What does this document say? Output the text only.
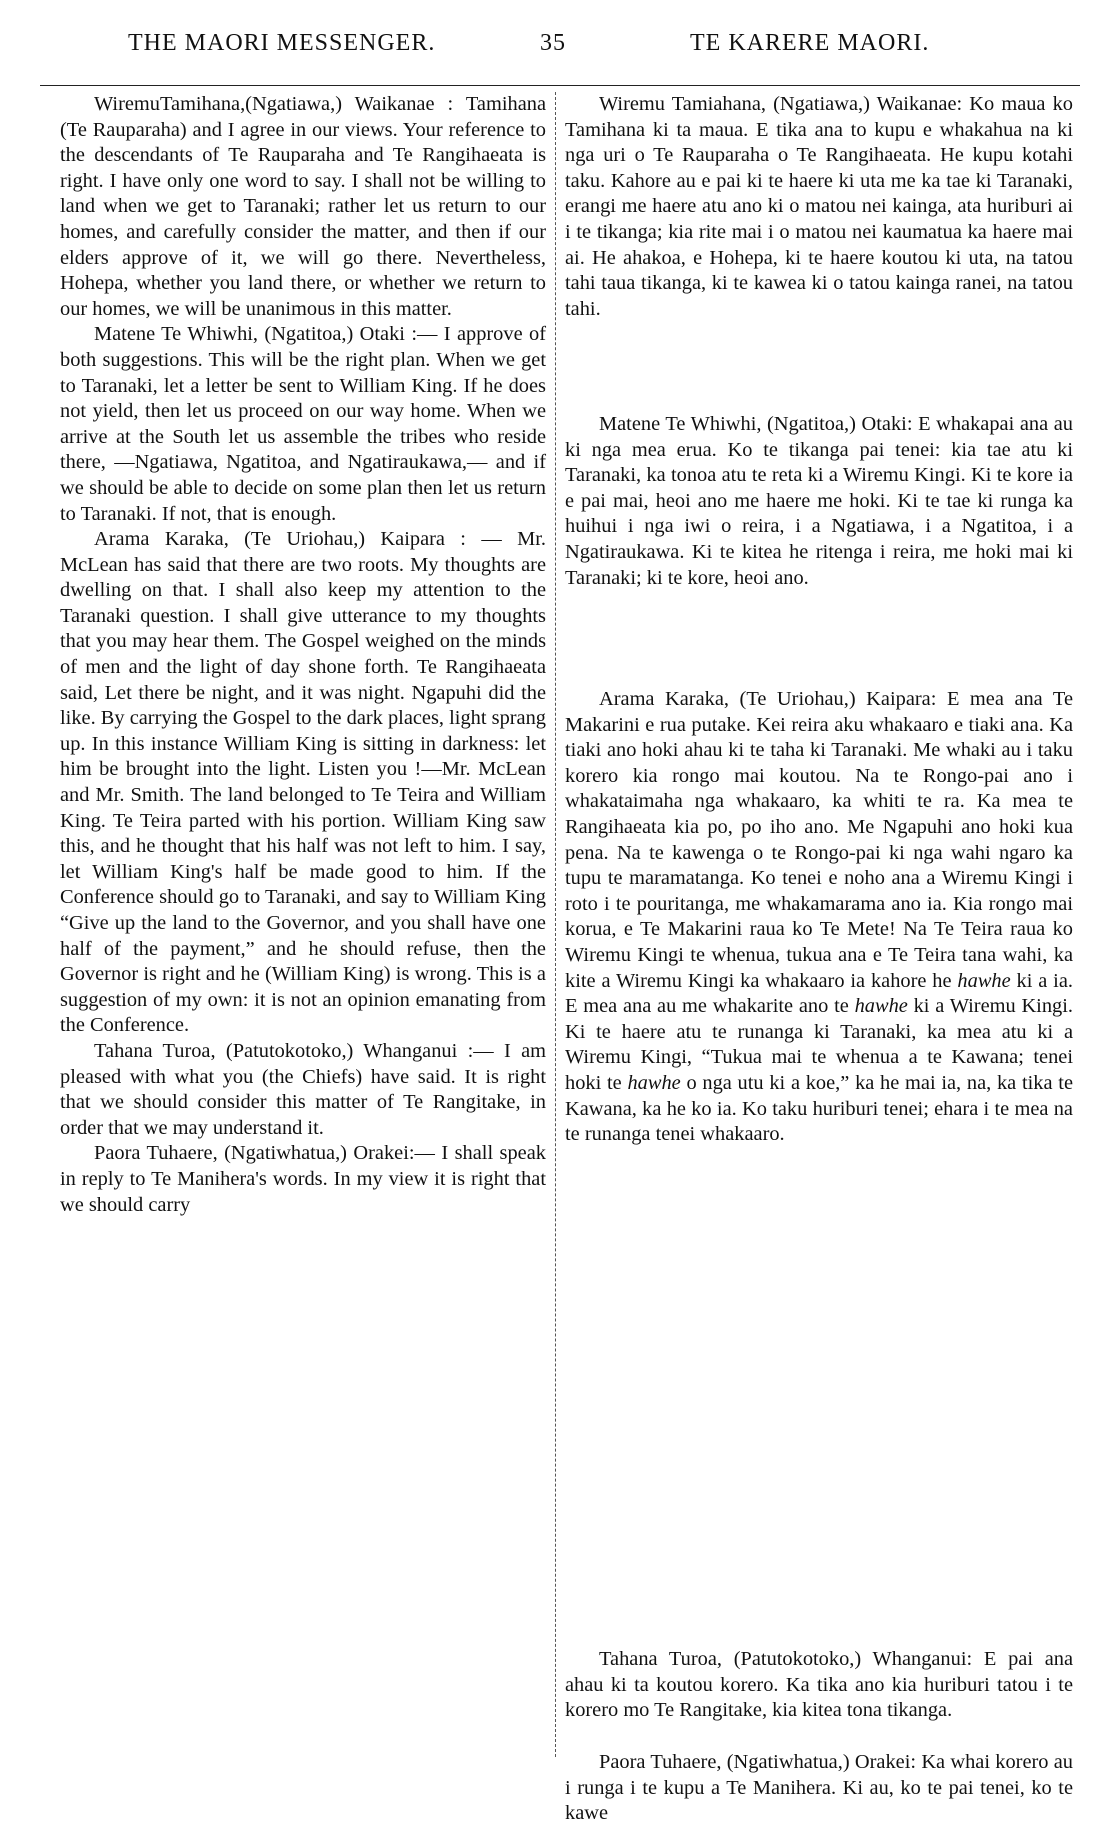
THE MAORI MESSENGER.	35	TE KARERE MAORI.

WiremuTamihana,(Ngatiawa,) Waikanae : Tamihana (Te Rauparaha) and I agree in our views. Your reference to the descendants of Te Rauparaha and Te Rangihaeata is right. I have only one word to say. I shall not be willing to land when we get to Taranaki; rather let us return to our homes, and carefully consider the matter, and then if our elders approve of it, we will go there. Nevertheless, Hohepa, whether you land there, or whether we return to our homes, we will be unanimous in this matter.

Matene Te Whiwhi, (Ngatitoa,) Otaki :— I approve of both suggestions. This will be the right plan. When we get to Taranaki, let a letter be sent to William King. If he does not yield, then let us proceed on our way home. When we arrive at the South let us assemble the tribes who reside there, —Ngatiawa, Ngatitoa, and Ngatiraukawa,— and if we should be able to decide on some plan then let us return to Taranaki. If not, that is enough.

Arama Karaka, (Te Uriohau,) Kaipara : — Mr. McLean has said that there are two roots. My thoughts are dwelling on that. I shall also keep my attention to the Taranaki question. I shall give utterance to my thoughts that you may hear them. The Gospel weighed on the minds of men and the light of day shone forth. Te Rangihaeata said, Let there be night, and it was night. Ngapuhi did the like. By carrying the Gospel to the dark places, light sprang up. In this instance William King is sitting in darkness: let him be brought into the light. Listen you !—Mr. McLean and Mr. Smith. The land belonged to Te Teira and William King. Te Teira parted with his portion. William King saw this, and he thought that his half was not left to him. I say, let William King's half be made good to him. If the Conference should go to Taranaki, and say to William King “Give up the land to the Governor, and you shall have one half of the payment,” and he should refuse, then the Governor is right and he (William King) is wrong. This is a suggestion of my own: it is not an opinion emanating from the Conference.

Tahana Turoa, (Patutokotoko,) Whanganui :— I am pleased with what you (the Chiefs) have said. It is right that we should consider this matter of Te Rangitake, in order that we may understand it.

Paora Tuhaere, (Ngatiwhatua,) Orakei:— I shall speak in reply to Te Manihera's words. In my view it is right that we should carry

Wiremu Tamiahana, (Ngatiawa,) Waikanae: Ko maua ko Tamihana ki ta maua. E tika ana to kupu e whakahua na ki nga uri o Te Rauparaha o Te Rangihaeata. He kupu kotahi taku. Kahore au e pai ki te haere ki uta me ka tae ki Taranaki, erangi me haere atu ano ki o matou nei kainga, ata huriburi ai i te tikanga; kia rite mai i o matou nei kaumatua ka haere mai ai. He ahakoa, e Hohepa, ki te haere koutou ki uta, na tatou tahi taua tikanga, ki te kawea ki o tatou kainga ranei, na tatou tahi.

Matene Te Whiwhi, (Ngatitoa,) Otaki: E whakapai ana au ki nga mea erua. Ko te tikanga pai tenei: kia tae atu ki Taranaki, ka tonoa atu te reta ki a Wiremu Kingi. Ki te kore ia e pai mai, heoi ano me haere me hoki. Ki te tae ki runga ka huihui i nga iwi o reira, i a Ngatiawa, i a Ngatitoa, i a Ngatiraukawa. Ki te kitea he ritenga i reira, me hoki mai ki Taranaki; ki te kore, heoi ano.

Arama Karaka, (Te Uriohau,) Kaipara: E mea ana Te Makarini e rua putake. Kei reira aku whakaaro e tiaki ana. Ka tiaki ano hoki ahau ki te taha ki Taranaki. Me whaki au i taku korero kia rongo mai koutou. Na te Rongo-pai ano i whakataimaha nga whakaaro, ka whiti te ra. Ka mea te Rangihaeata kia po, po iho ano. Me Ngapuhi ano hoki kua pena. Na te kawenga o te Rongo-pai ki nga wahi ngaro ka tupu te maramatanga. Ko tenei e noho ana a Wiremu Kingi i roto i te pouritanga, me whakamarama ano ia. Kia rongo mai korua, e Te Makarini raua ko Te Mete! Na Te Teira raua ko Wiremu Kingi te whenua, tukua ana e Te Teira tana wahi, ka kite a Wiremu Kingi ka whakaaro ia kahore he hawhe ki a ia. E mea ana au me whakarite ano te hawhe ki a Wiremu Kingi. Ki te haere atu te runanga ki Taranaki, ka mea atu ki a Wiremu Kingi, “Tukua mai te whenua a te Kawana; tenei hoki te hawhe o nga utu ki a koe,” ka he mai ia, na, ka tika te Kawana, ka he ko ia. Ko taku huriburi tenei; ehara i te mea na te runanga tenei whakaaro.

Tahana Turoa, (Patutokotoko,) Whanganui: E pai ana ahau ki ta koutou korero. Ka tika ano kia huriburi tatou i te korero mo Te Rangitake, kia kitea tona tikanga.

Paora Tuhaere, (Ngatiwhatua,) Orakei: Ka whai korero au i runga i te kupu a Te Manihera. Ki au, ko te pai tenei, ko te kawe
